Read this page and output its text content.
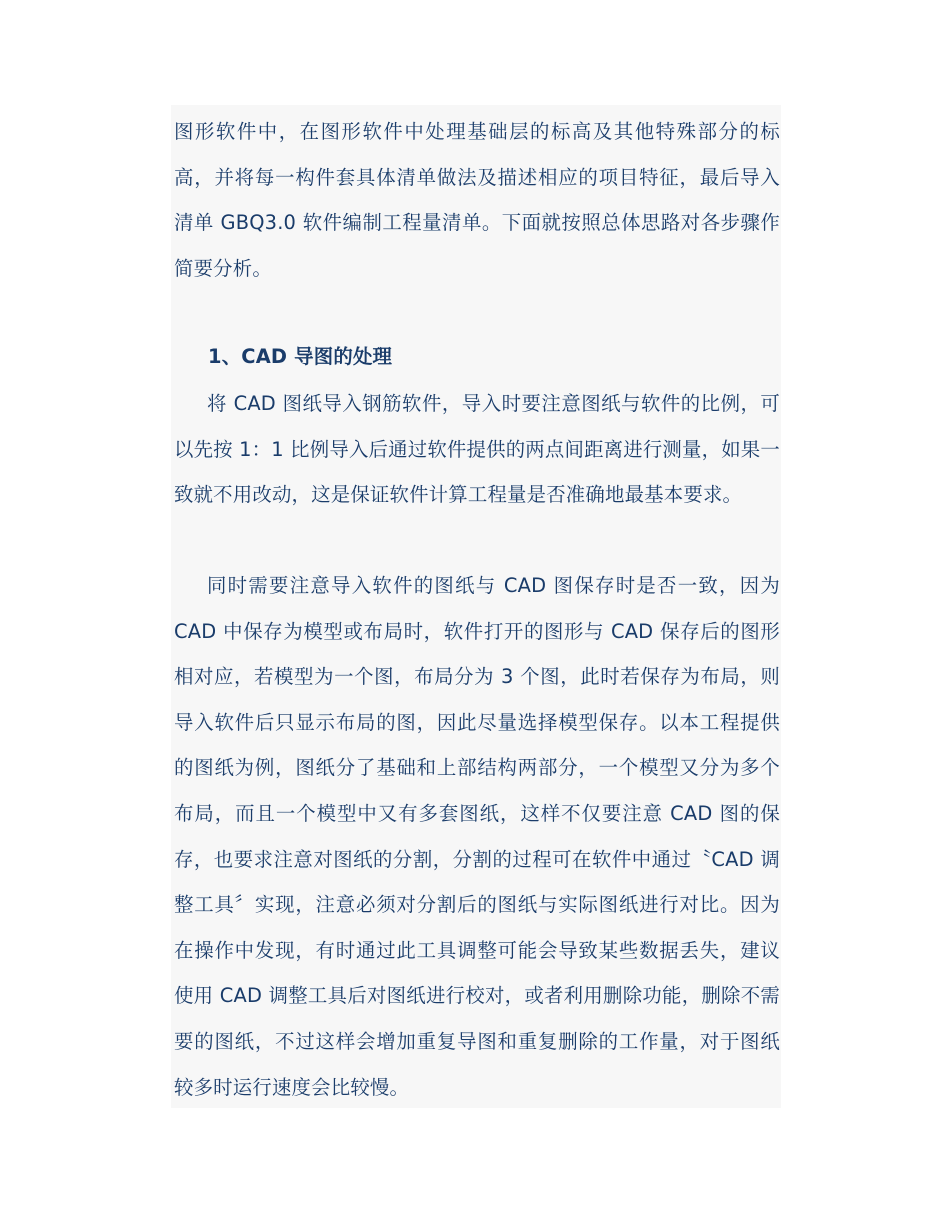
图形软件中，在图形软件中处理基础层的标高及其他特殊部分的标高，并将每一构件套具体清单做法及描述相应的项目特征，最后导入清单 GBQ3.0 软件编制工程量清单。下面就按照总体思路对各步骤作简要分析。
1、CAD 导图的处理
将 CAD 图纸导入钢筋软件，导入时要注意图纸与软件的比例，可以先按 1：1 比例导入后通过软件提供的两点间距离进行测量，如果一致就不用改动，这是保证软件计算工程量是否准确地最基本要求。
同时需要注意导入软件的图纸与 CAD 图保存时是否一致，因为 CAD 中保存为模型或布局时，软件打开的图形与 CAD 保存后的图形相对应，若模型为一个图，布局分为 3 个图，此时若保存为布局，则导入软件后只显示布局的图，因此尽量选择模型保存。以本工程提供的图纸为例，图纸分了基础和上部结构两部分，一个模型又分为多个布局，而且一个模型中又有多套图纸，这样不仅要注意 CAD 图的保存，也要求注意对图纸的分割，分割的过程可在软件中通过〝CAD 调整工具〞实现，注意必须对分割后的图纸与实际图纸进行对比。因为在操作中发现，有时通过此工具调整可能会导致某些数据丢失，建议使用 CAD 调整工具后对图纸进行校对，或者利用删除功能，删除不需要的图纸，不过这样会增加重复导图和重复删除的工作量，对于图纸较多时运行速度会比较慢。
